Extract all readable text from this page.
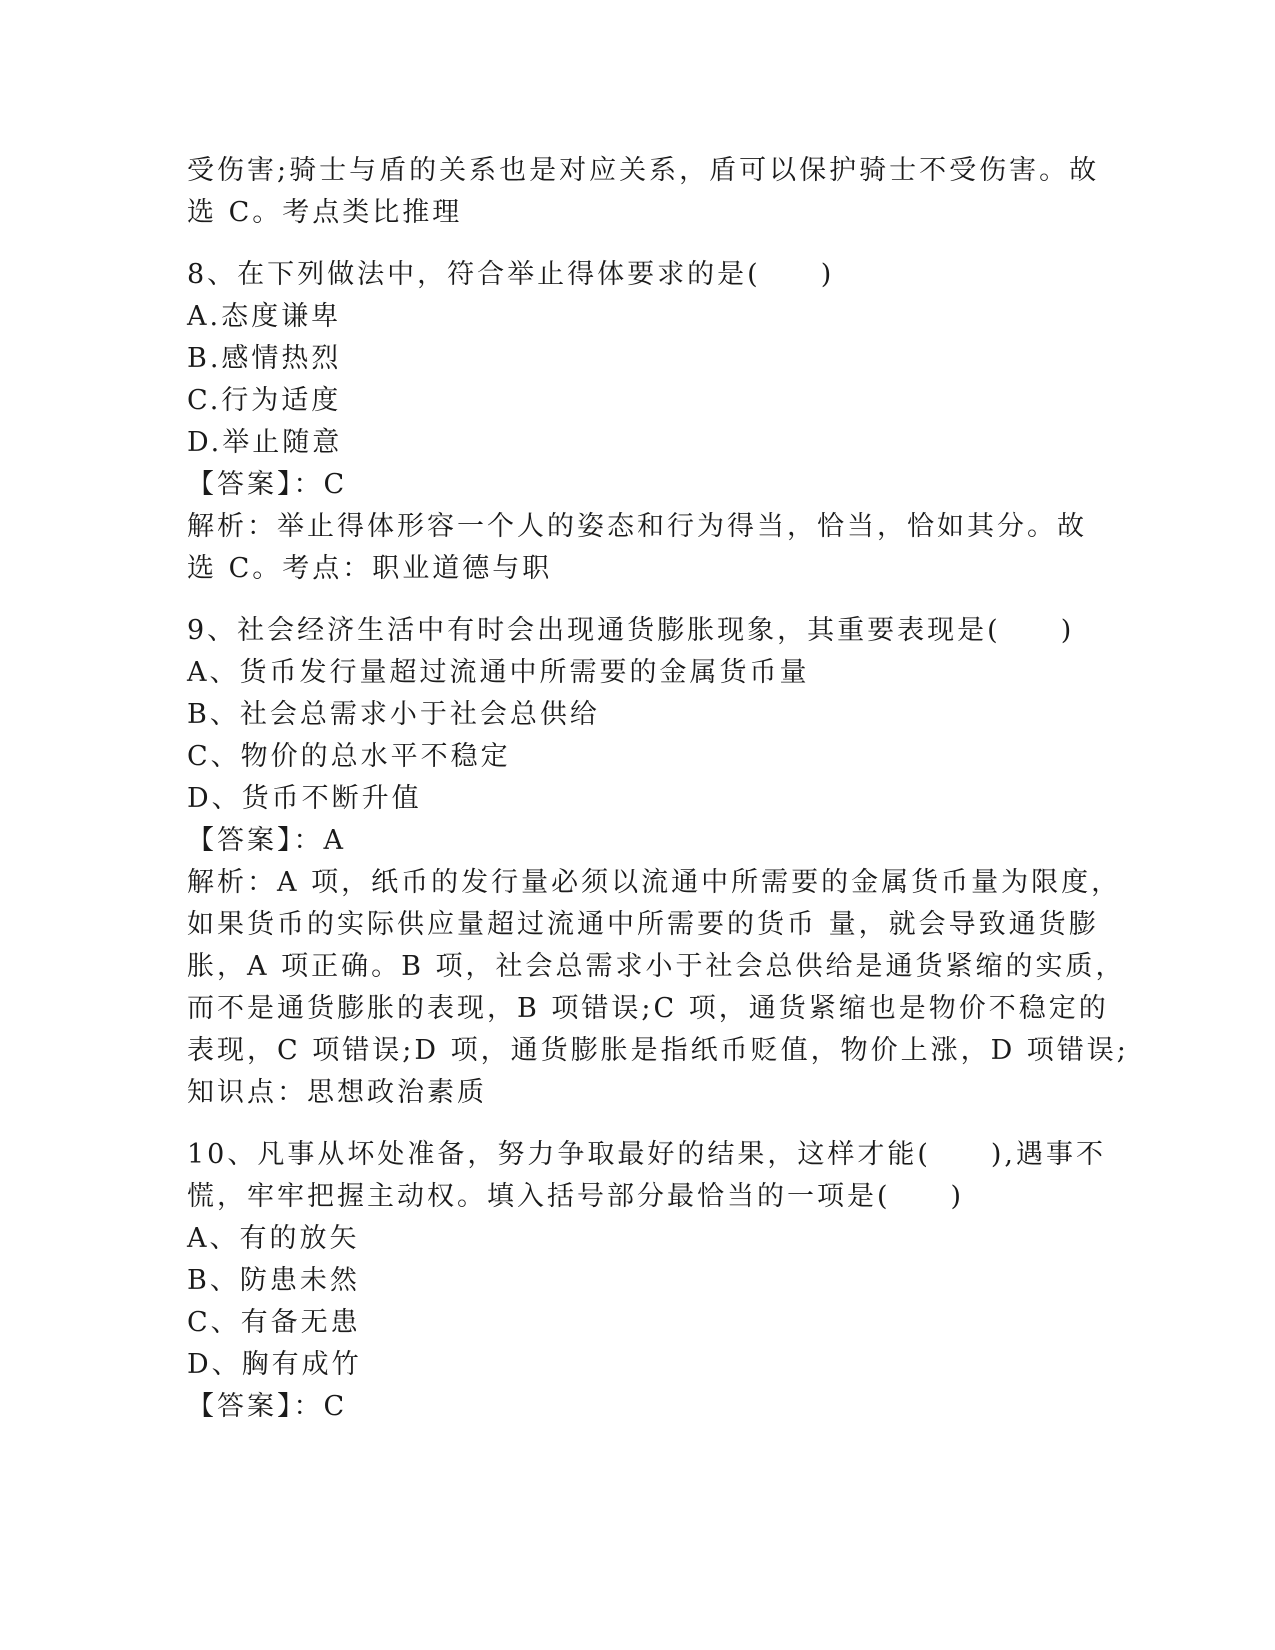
受伤害;骑士与盾的关系也是对应关系，盾可以保护骑士不受伤害。故
选 C。考点类比推理
8、在下列做法中，符合举止得体要求的是(　　)
A.态度谦卑
B.感情热烈
C.行为适度
D.举止随意
【答案】：C
解析：举止得体形容一个人的姿态和行为得当，恰当，恰如其分。故
选 C。考点：职业道德与职
9、社会经济生活中有时会出现通货膨胀现象，其重要表现是(　　)
A、货币发行量超过流通中所需要的金属货币量
B、社会总需求小于社会总供给
C、物价的总水平不稳定
D、货币不断升值
【答案】：A
解析：A 项，纸币的发行量必须以流通中所需要的金属货币量为限度，
如果货币的实际供应量超过流通中所需要的货币 量，就会导致通货膨
胀，A 项正确。B 项，社会总需求小于社会总供给是通货紧缩的实质，
而不是通货膨胀的表现，B 项错误;C 项，通货紧缩也是物价不稳定的
表现，C 项错误;D 项，通货膨胀是指纸币贬值，物价上涨，D 项错误;
知识点：思想政治素质
10、凡事从坏处准备，努力争取最好的结果，这样才能(　　),遇事不
慌，牢牢把握主动权。填入括号部分最恰当的一项是(　　)
A、有的放矢
B、防患未然
C、有备无患
D、胸有成竹
【答案】：C
